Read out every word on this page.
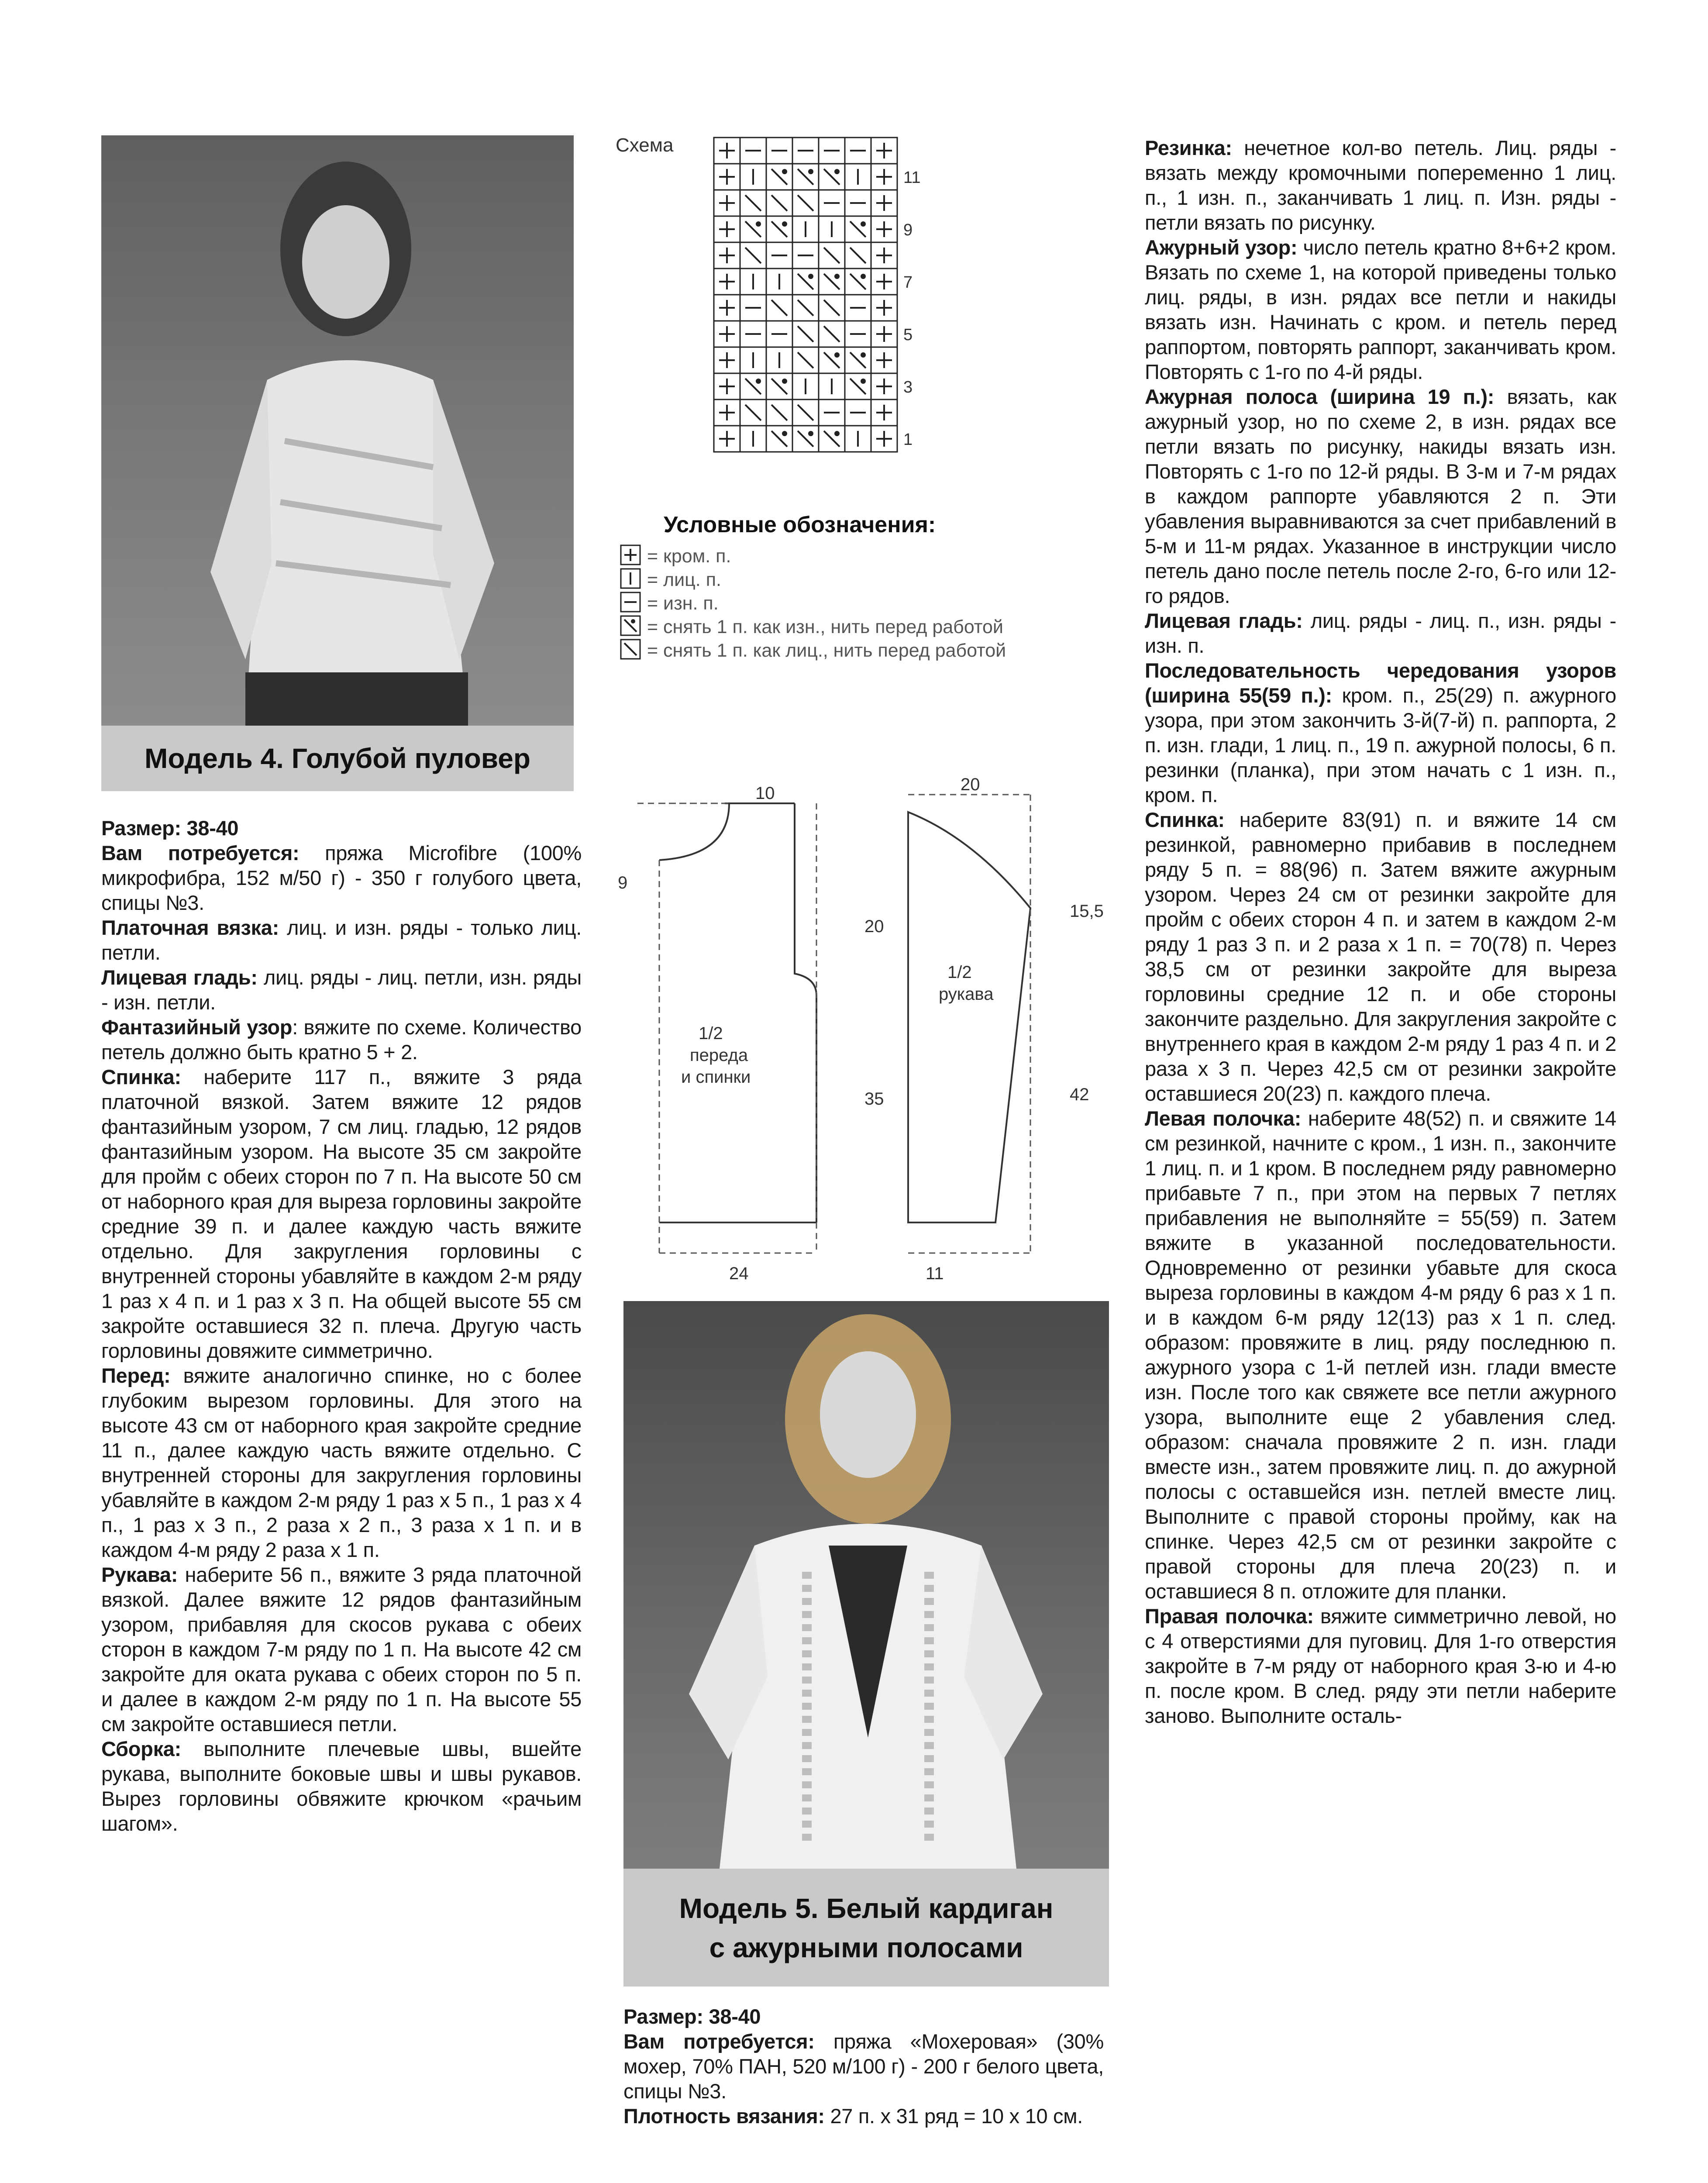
Модель 4. Голубой пуловер

Размер: 38-40

Вам потребуется: пряжа Microfibre (100% микрофибра, 152 м/50 г) - 350 г голубого цвета, спицы №3.

Платочная вязка: лиц. и изн. ряды - только лиц. петли.

Лицевая гладь: лиц. ряды - лиц. петли, изн. ряды - изн. петли.

Фантазийный узор: вяжите по схеме. Количество петель должно быть кратно 5 + 2.

Спинка: наберите 117 п., вяжите 3 ряда платочной вязкой. Затем вяжите 12 рядов фантазийным узором, 7 см лиц. гладью, 12 рядов фантазийным узором. На высоте 35 см закройте для пройм с обеих сторон по 7 п. На высоте 50 см от наборного края для выреза горловины закройте средние 39 п. и далее каждую часть вяжите отдельно. Для закругления горловины с внутренней стороны убавляйте в каждом 2-м ряду 1 раз х 4 п. и 1 раз х 3 п. На общей высоте 55 см закройте оставшиеся 32 п. плеча. Другую часть горловины довяжите симметрично.

Перед: вяжите аналогично спинке, но с более глубоким вырезом горловины. Для этого на высоте 43 см от наборного края закройте средние 11 п., далее каждую часть вяжите отдельно. С внутренней стороны для закругления горловины убавляйте в каждом 2-м ряду 1 раз х 5 п., 1 раз х 4 п., 1 раз х 3 п., 2 раза х 2 п., 3 раза х 1 п. и в каждом 4-м ряду 2 раза х 1 п.

Рукава: наберите 56 п., вяжите 3 ряда платочной вязкой. Далее вяжите 12 рядов фантазийным узором, прибавляя для скосов рукава с обеих сторон в каждом 7-м ряду по 1 п. На высоте 42 см закройте для оката рукава с обеих сторон по 5 п. и далее в каждом 2-м ряду по 1 п. На высоте 55 см закройте оставшиеся петли.

Сборка: выполните плечевые швы, вшейте рукава, выполните боковые швы и швы рукавов. Вырез горловины обвяжите крючком «рачьим шагом».

Схема
11
9
7
5
3
1
Условные обозначения:
= кром. п.
= лиц. п.
= изн. п.
= снять 1 п. как изн., нить перед работой
= снять 1 п. как лиц., нить перед работой
10
9
20
35
24
1/2
переда
и спинки
20
15,5
42
11
1/2
рукава
Модель 5. Белый кардиган
с ажурными полосами

Размер: 38-40

Вам потребуется: пряжа «Мохеровая» (30% мохер, 70% ПАН, 520 м/100 г) - 200 г белого цвета, спицы №3.

Плотность вязания: 27 п. х 31 ряд = 10 х 10 см.

Резинка: нечетное кол-во петель. Лиц. ряды - вязать между кромочными попеременно 1 лиц. п., 1 изн. п., заканчивать 1 лиц. п. Изн. ряды - петли вязать по рисунку.

Ажурный узор: число петель кратно 8+6+2 кром. Вязать по схеме 1, на которой приведены только лиц. ряды, в изн. рядах все петли и накиды вязать изн. Начинать с кром. и петель перед раппортом, повторять раппорт, заканчивать кром. Повторять с 1-го по 4-й ряды.

Ажурная полоса (ширина 19 п.): вязать, как ажурный узор, но по схеме 2, в изн. рядах все петли вязать по рисунку, накиды вязать изн. Повторять с 1-го по 12-й ряды. В 3-м и 7-м рядах в каждом раппорте убавляются 2 п. Эти убавления выравниваются за счет прибавлений в 5-м и 11-м рядах. Указанное в инструкции число петель дано после петель после 2-го, 6-го или 12-го рядов.

Лицевая гладь: лиц. ряды - лиц. п., изн. ряды - изн. п.

Последовательность чередования узоров (ширина 55(59 п.): кром. п., 25(29) п. ажурного узора, при этом закончить 3-й(7-й) п. раппорта, 2 п. изн. глади, 1 лиц. п., 19 п. ажурной полосы, 6 п. резинки (планка), при этом начать с 1 изн. п., кром. п.

Спинка: наберите 83(91) п. и вяжите 14 см резинкой, равномерно прибавив в последнем ряду 5 п. = 88(96) п. Затем вяжите ажурным узором. Через 24 см от резинки закройте для пройм с обеих сторон 4 п. и затем в каждом 2-м ряду 1 раз 3 п. и 2 раза х 1 п. = 70(78) п. Через 38,5 см от резинки закройте для выреза горловины средние 12 п. и обе стороны закончите раздельно. Для закругления закройте с внутреннего края в каждом 2-м ряду 1 раз 4 п. и 2 раза х 3 п. Через 42,5 см от резинки закройте оставшиеся 20(23) п. каждого плеча.

Левая полочка: наберите 48(52) п. и свяжите 14 см резинкой, начните с кром., 1 изн. п., закончите 1 лиц. п. и 1 кром. В последнем ряду равномерно прибавьте 7 п., при этом на первых 7 петлях прибавления не выполняйте = 55(59) п. Затем вяжите в указанной последовательности. Одновременно от резинки убавьте для скоса выреза горловины в каждом 4-м ряду 6 раз х 1 п. и в каждом 6-м ряду 12(13) раз х 1 п. след. образом: провяжите в лиц. ряду последнюю п. ажурного узора с 1-й петлей изн. глади вместе изн. После того как свяжете все петли ажурного узора, выполните еще 2 убавления след. образом: сначала провяжите 2 п. изн. глади вместе изн., затем провяжите лиц. п. до ажурной полосы с оставшейся изн. петлей вместе лиц. Выполните с правой стороны пройму, как на спинке. Через 42,5 см от резинки закройте с правой стороны для плеча 20(23) п. и оставшиеся 8 п. отложите для планки.

Правая полочка: вяжите симметрично левой, но с 4 отверстиями для пуговиц. Для 1-го отверстия закройте в 7-м ряду от наборного края 3-ю и 4-ю п. после кром. В след. ряду эти петли наберите заново. Выполните осталь-
